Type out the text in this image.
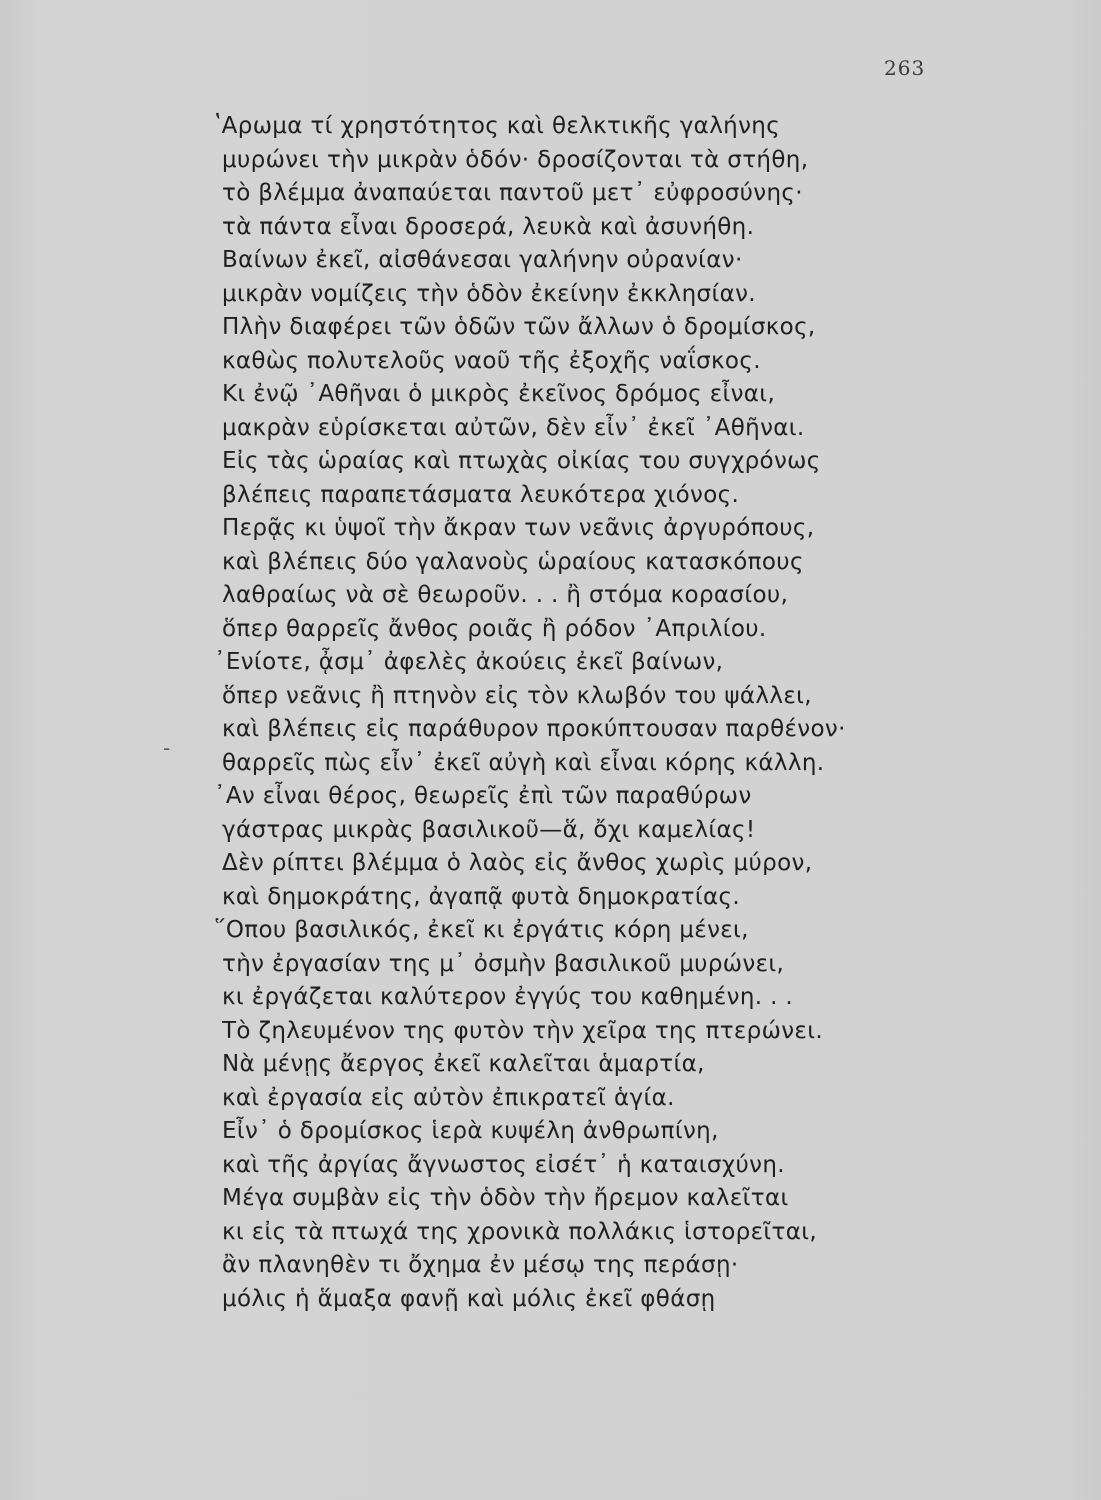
263
-
ʽΑρωμα τί χρηστότητος καὶ θελκτικῆς γαλήνης
μυρώνει τὴν μικρὰν ὁδόν· δροσίζονται τὰ στήθη,
τὸ βλέμμα ἀναπαύεται παντοῦ μετ᾽ εὐφροσύνης·
τὰ πάντα εἶναι δροσερά, λευκὰ καὶ ἀσυνήθη.
Βαίνων ἐκεῖ, αἰσθάνεσαι γαλήνην οὐρανίαν·
μικρὰν νομίζεις τὴν ὁδὸν ἐκείνην ἐκκλησίαν.
Πλὴν διαφέρει τῶν ὁδῶν τῶν ἄλλων ὁ δρομίσκος,
καθὼς πολυτελοῦς ναοῦ τῆς ἐξοχῆς ναΐσκος.
Κι ἐνῷ ᾽Αθῆναι ὁ μικρὸς ἐκεῖνος δρόμος εἶναι,
μακρὰν εὑρίσκεται αὐτῶν, δὲν εἶν᾽ ἐκεῖ ᾽Αθῆναι.
Εἰς τὰς ὡραίας καὶ πτωχὰς οἰκίας του συγχρόνως
βλέπεις παραπετάσματα λευκότερα χιόνος.
Περᾷς κι ὑψοῖ τὴν ἄκραν των νεᾶνις ἀργυρόπους,
καὶ βλέπεις δύο γαλανοὺς ὡραίους κατασκόπους
λαθραίως νὰ σὲ θεωροῦν. . . ἢ στόμα κορασίου,
ὅπερ θαρρεῖς ἄνθος ροιᾶς ἢ ρόδον ᾽Απριλίου.
᾽Ενίοτε, ᾆσμ᾽ ἀφελὲς ἀκούεις ἐκεῖ βαίνων,
ὅπερ νεᾶνις ἢ πτηνὸν εἰς τὸν κλωβόν του ψάλλει,
καὶ βλέπεις εἰς παράθυρον προκύπτουσαν παρθένον·
θαρρεῖς πὼς εἶν᾽ ἐκεῖ αὐγὴ καὶ εἶναι κόρης κάλλη.
᾽Αν εἶναι θέρος, θεωρεῖς ἐπὶ τῶν παραθύρων
γάστρας μικρὰς βασιλικοῦ—ἅ, ὄχι καμελίας!
Δὲν ρίπτει βλέμμα ὁ λαὸς εἰς ἄνθος χωρὶς μύρον,
καὶ δημοκράτης, ἀγαπᾷ φυτὰ δημοκρατίας.
῞Οπου βασιλικός, ἐκεῖ κι ἐργάτις κόρη μένει,
τὴν ἐργασίαν της μ᾽ ὀσμὴν βασιλικοῦ μυρώνει,
κι ἐργάζεται καλύτερον ἐγγύς του καθημένη. . .
Τὸ ζηλευμένον της φυτὸν τὴν χεῖρα της πτερώνει.
Νὰ μένῃς ἄεργος ἐκεῖ καλεῖται ἁμαρτία,
καὶ ἐργασία εἰς αὐτὸν ἐπικρατεῖ ἁγία.
Εἶν᾽ ὁ δρομίσκος ἱερὰ κυψέλη ἀνθρωπίνη,
καὶ τῆς ἀργίας ἄγνωστος εἰσέτ᾽ ἡ καταισχύνη.
Μέγα συμβὰν εἰς τὴν ὁδὸν τὴν ἤρεμον καλεῖται
κι εἰς τὰ πτωχά της χρονικὰ πολλάκις ἱστορεῖται,
ἂν πλανηθὲν τι ὄχημα ἐν μέσῳ της περάσῃ·
μόλις ἡ ἅμαξα φανῇ καὶ μόλις ἐκεῖ φθάσῃ
